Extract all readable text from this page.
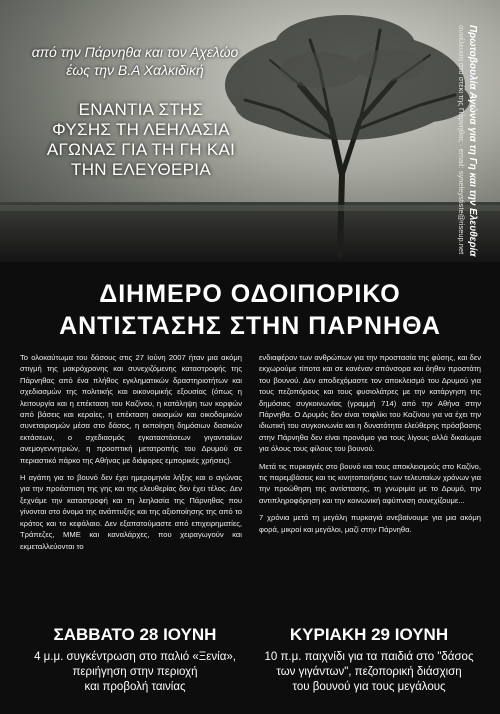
από την Πάρνηθα και τον Αχελώο
έως την Β.Α Χαλκιδική
ΕΝΑΝΤΙΑ ΣΤΗΣ
ΦΥΣΗΣ ΤΗ ΛΕΗΛΑΣΙΑ
ΑΓΩΝΑΣ ΓΙΑ ΤΗ ΓΗ ΚΑΙ
ΤΗΝ ΕΛΕΥΘΕΡΙΑ	Πρωτοβουλία Αγώνα για τη Γη και την Ελευθερία
συνέλευση στο στέκι της Πάρνηθας · email: syneleystiste@riseup.net
ΔΙΗΜΕΡΟ ΟΔΟΙΠΟΡΙΚΟ
ΑΝΤΙΣΤΑΣΗΣ ΣΤΗΝ ΠΑΡΝΗΘΑ

Το ολοκαύτωμα του δάσους στις 27 Ιούνη 2007 ήταν μια ακόμη στιγμή της μακρόχρονης και συνεχιζόμενης καταστροφής της Πάρνηθας από ένα πλήθος εγκληματικών δραστηριοτήτων και σχεδιασμών της πολιτικής και οικονομικής εξουσίας (όπως η λειτουργία και η επέκταση του Καζίνου, η κατάληψη των κορφών από βάσεις και κεραίες, η επέκταση οικισμών και οικοδομικών συνεταιρισμών μέσα στο δάσος, η εκποίηση δημόσιων δασικών εκτάσεων, ο σχεδιασμός εγκαταστάσεων γιγαντιαίων ανεμογεννητριών, η προοπτική μετατροπής του Δρυμού σε περιαστικό πάρκο της Αθήνας με διάφορες εμπορικές χρήσεις).

Η αγάπη για το βουνό δεν έχει ημερομηνία λήξης και ο αγώνας για την προάσπιση της γης και της ελευθερίας δεν έχει τέλος. Δεν ξεχνάμε την καταστροφή και τη λεηλασία της Πάρνηθας που γίνονται στο όνομα της ανάπτυξης και της αξιοποίησης της από το κράτος και το κεφάλαιο. Δεν εξαπατούμαστε από επιχειρηματίες, Τράπεζες, ΜΜΕ και καναλάρχες, που χειραγωγούν και εκμεταλλεύονται το

ενδιαφέρον των ανθρώπων για την προστασία της φύσης, και δεν εκχωρούμε τίποτα και σε κανέναν σπόνσορα και όηθεν προστάτη του βουνού. Δεν αποδεχόμαστε τον αποκλεισμό του Δρυμού για τους πεζοπόρους και τους φυσιολάτρες με την κατάργηση της δημόσιας συγκοινωνίας (γραμμή 714) από την Αθήνα στην Πάρνηθα. Ο Δρυμός δεν είναι τσιφλίκι του Καζίνου για να έχει την ιδιωτική του συγκοινωνία και η δυνατότητα ελεύθερης πρόσβασης στην Πάρνηθα δεν είναι προνόμιο για τους λίγους αλλά δικαίωμα για όλους τους φίλους του βουνού.

Μετά τις πυρκαγιές στο βουνό και τους αποκλεισμούς στο Καζίνο, τις παρεμβάσεις και τις κινητοποιήσεις των τελευταίων χρόνων για την προώθηση της αντίστασης, τη γνωριμία με το Δρυμό, την αντιπληροφόρηση και την κοινωνική αφύπνιση συνεχίζουμε...

7 χρόνια μετά τη μεγάλη πυρκαγιά ανεβαίνουμε για μια ακόμη φορά, μικροί και μεγάλοι, μαζί στην Πάρνηθα.

ΣΑΒΒΑΤΟ 28 ΙΟΥΝΗ
4 μ.μ. συγκέντρωση στο παλιό «Ξενία»,
περιήγηση στην περιοχή
και προβολή ταινίας
ΚΥΡΙΑΚΗ 29 ΙΟΥΝΗ
10 π.μ. παιχνίδι για τα παιδιά στο "δάσος
των γιγάντων", πεζοπορική διάσχιση
του βουνού για τους μεγάλους
